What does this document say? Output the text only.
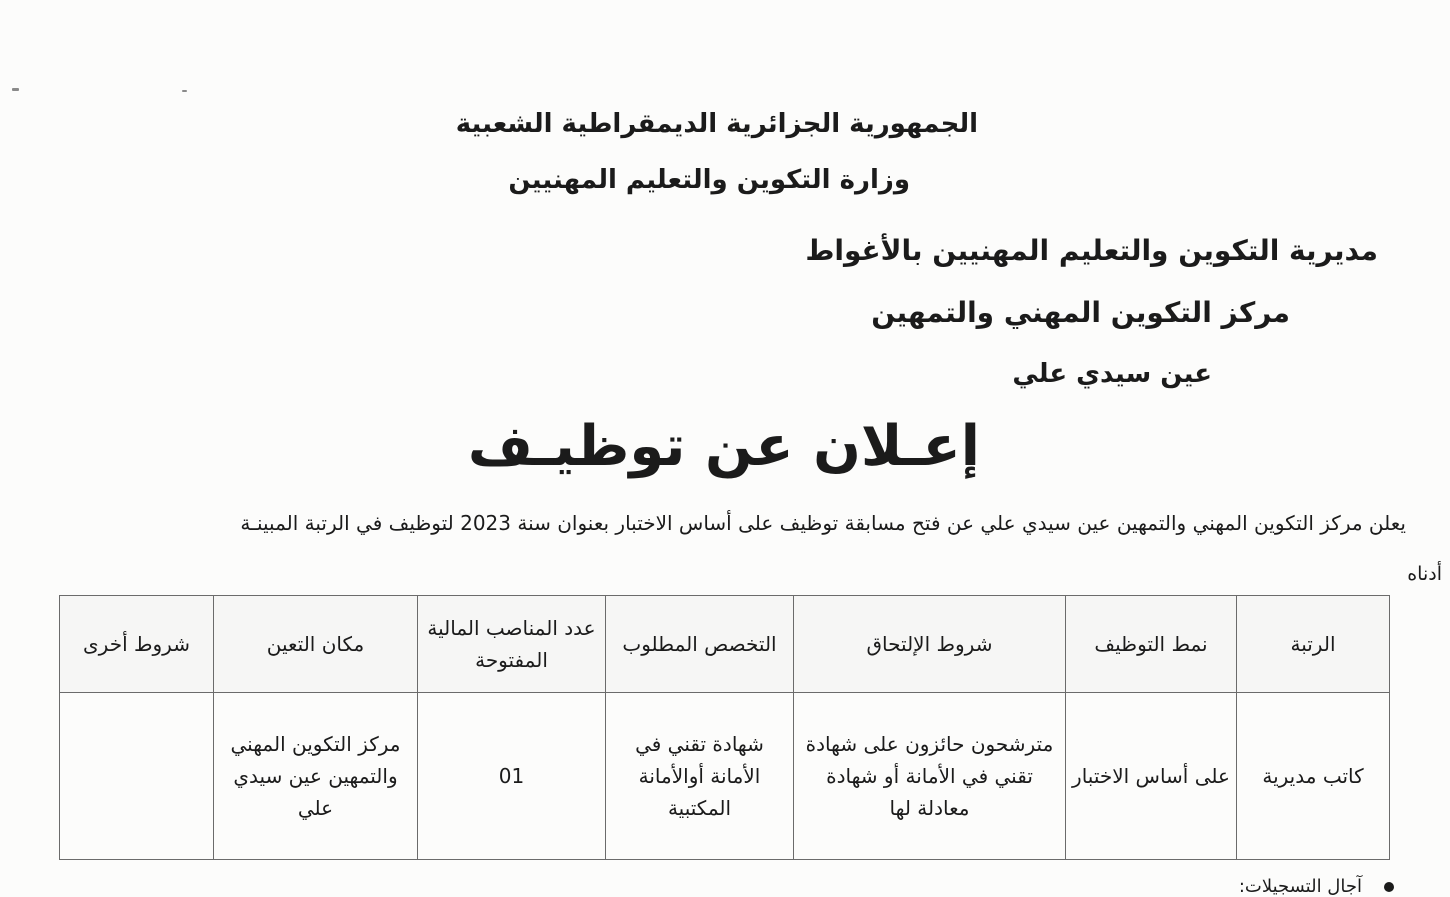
الجمهورية الجزائرية الديمقراطية الشعبية
وزارة التكوين والتعليم المهنيين
مديرية التكوين والتعليم المهنيين بالأغواط
مركز التكوين المهني والتمهين
عين سيدي علي
إعـلان عن توظيـف
يعلن مركز التكوين المهني والتمهين عين سيدي علي عن فتح مسابقة توظيف على أساس الاختبار بعنوان سنة 2023 لتوظيف في الرتبة المبينـة
أدناه
الرتبة	نمط التوظيف	شروط الإلتحاق	التخصص المطلوب	عدد المناصب المالية المفتوحة	مكان التعين	شروط أخرى

كاتب مديرية	على أساس الاختبار	مترشحون حائزون على شهادة تقني في الأمانة أو شهادة معادلة لها	شهادة تقني في الأمانة أوالأمانة المكتبية	01	مركز التكوين المهني والتمهين عين سيدي علي	

آجال التسجيلات:
